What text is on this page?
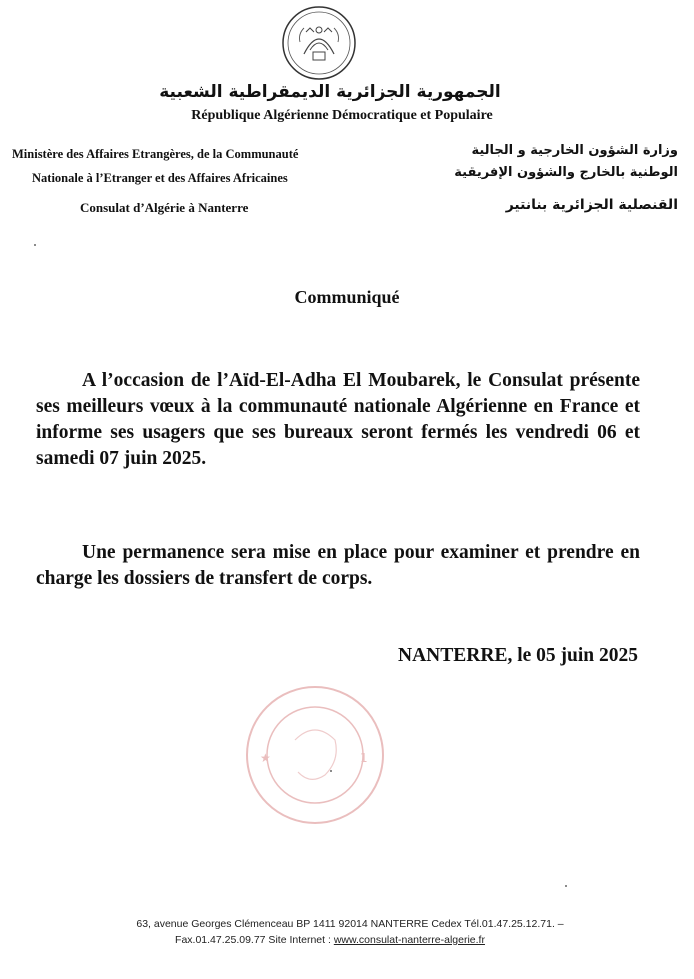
الجمهورية الجزائرية الديمقراطية الشعبية
République Algérienne Démocratique et Populaire
Ministère des Affaires Etrangères, de la Communauté
Nationale à l’Etranger et des Affaires Africaines
وزارة الشؤون الخارجية و الجالية
الوطنية بالخارج والشؤون الإفريقية
Consulat d’Algérie à Nanterre	القنصلية الجزائرية بنانتير
Communiqué
A l’occasion de l’Aïd-El-Adha El Moubarek, le Consulat présente ses meilleurs vœux à la communauté nationale Algérienne en France et informe ses usagers que ses bureaux seront fermés les vendredi 06 et samedi 07 juin 2025.
Une permanence sera mise en place pour examiner et prendre en charge les dossiers de transfert de corps.
NANTERRE, le 05 juin 2025
★	1
63, avenue Georges Clémenceau BP 1411 92014 NANTERRE Cedex Tél.01.47.25.12.71. –
Fax.01.47.25.09.77 Site Internet : www.consulat-nanterre-algerie.fr
